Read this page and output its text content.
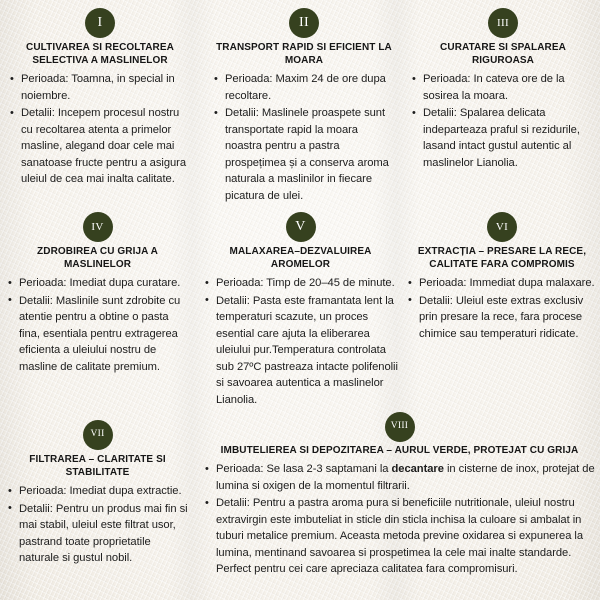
I
CULTIVAREA SI RECOLTAREA SELECTIVA A MASLINELOR
• Perioada: Toamna, in special in noiembre.
• Detalii: Incepem procesul nostru cu recoltarea atenta a primelor masline, alegand doar cele mai sanatoase fructe pentru a asigura uleiul de cea mai inalta calitate.
II
TRANSPORT RAPID SI EFICIENT LA MOARA
• Perioada: Maxim 24 de ore dupa recoltare.
• Detalii: Maslinele proaspete sunt transportate rapid la moara noastra pentru a pastra prospețimea și a conserva aroma naturala a maslinilor in fiecare picatura de ulei.
III
CURATARE SI SPALAREA RIGUROASA
• Perioada: In cateva ore de la sosirea la moara.
• Detalii: Spalarea delicata indeparteaza praful si rezidurile, lasand intact gustul autentic al maslinelor Lianolia.
IV
ZDROBIREA CU GRIJA A MASLINELOR
• Perioada: Imediat dupa curatare.
• Detalii: Maslinile sunt zdrobite cu atentie pentru a obtine o pasta fina, esentiala pentru extragerea eficienta a uleiului nostru de masline de calitate premium.
V
MALAXAREA–DEZVALUIREA AROMELOR
• Perioada: Timp de 20–45 de minute.
• Detalii: Pasta este framantata lent la temperaturi scazute, un proces esential care ajuta la eliberarea uleiului pur.Temperatura controlata sub 27ºC pastreaza intacte polifenolii si savoarea autentica a maslinelor Lianolia.
VI
EXTRACȚIA – PRESARE LA RECE, CALITATE FARA COMPROMIS
• Perioada: Immediat dupa malaxare.
• Detalii: Uleiul este extras exclusiv prin presare la rece, fara procese chimice sau temperaturi ridicate.
VII
FILTRAREA – CLARITATE SI STABILITATE
• Perioada: Imediat dupa extractie.
• Detalii: Pentru un produs mai fin si mai stabil, uleiul este filtrat usor, pastrand toate proprietatile naturale si gustul nobil.
VIII
IMBUTELIEREA SI DEPOZITAREA – AURUL VERDE, PROTEJAT CU GRIJA
• Perioada: Se lasa 2-3 saptamani la decantare in cisterne de inox, protejat de lumina si oxigen de la momentul filtrarii.
• Detalii: Pentru a pastra aroma pura si beneficiile nutritionale, uleiul nostru extravirgin este imbuteliat in sticle din sticla inchisa la culoare si ambalat in tuburi metalice premium. Aceasta metoda previne oxidarea si expunerea la lumina, mentinand savoarea si prospetimea la cele mai inalte standarde. Perfect pentru cei care apreciaza calitatea fara compromisuri.
